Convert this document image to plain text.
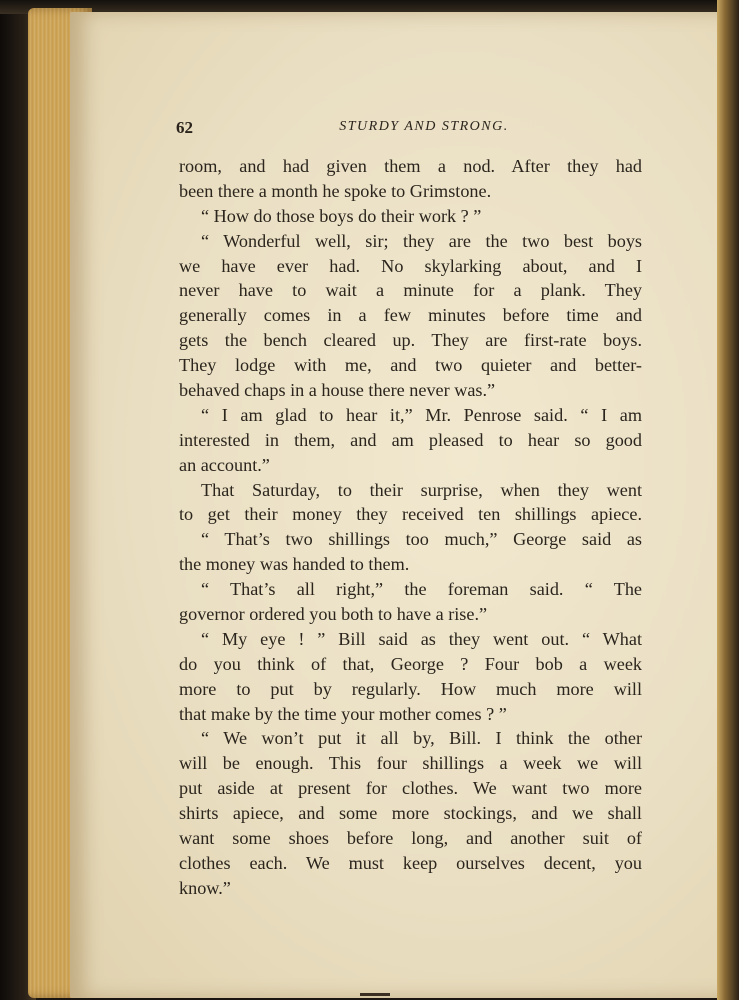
62	STURDY AND STRONG.
room, and had given them a nod. After they had
been there a month he spoke to Grimstone.
“ How do those boys do their work ? ”
“ Wonderful well, sir; they are the two best boys
we have ever had. No skylarking about, and I
never have to wait a minute for a plank. They
generally comes in a few minutes before time and
gets the bench cleared up. They are first-rate boys.
They lodge with me, and two quieter and better-
behaved chaps in a house there never was.”
“ I am glad to hear it,” Mr. Penrose said. “ I am
interested in them, and am pleased to hear so good
an account.”
That Saturday, to their surprise, when they went
to get their money they received ten shillings apiece.
“ That’s two shillings too much,” George said as
the money was handed to them.
“ That’s all right,” the foreman said. “ The
governor ordered you both to have a rise.”
“ My eye ! ” Bill said as they went out. “ What
do you think of that, George ? Four bob a week
more to put by regularly. How much more will
that make by the time your mother comes ? ”
“ We won’t put it all by, Bill. I think the other
will be enough. This four shillings a week we will
put aside at present for clothes. We want two more
shirts apiece, and some more stockings, and we shall
want some shoes before long, and another suit of
clothes each. We must keep ourselves decent, you
know.”
